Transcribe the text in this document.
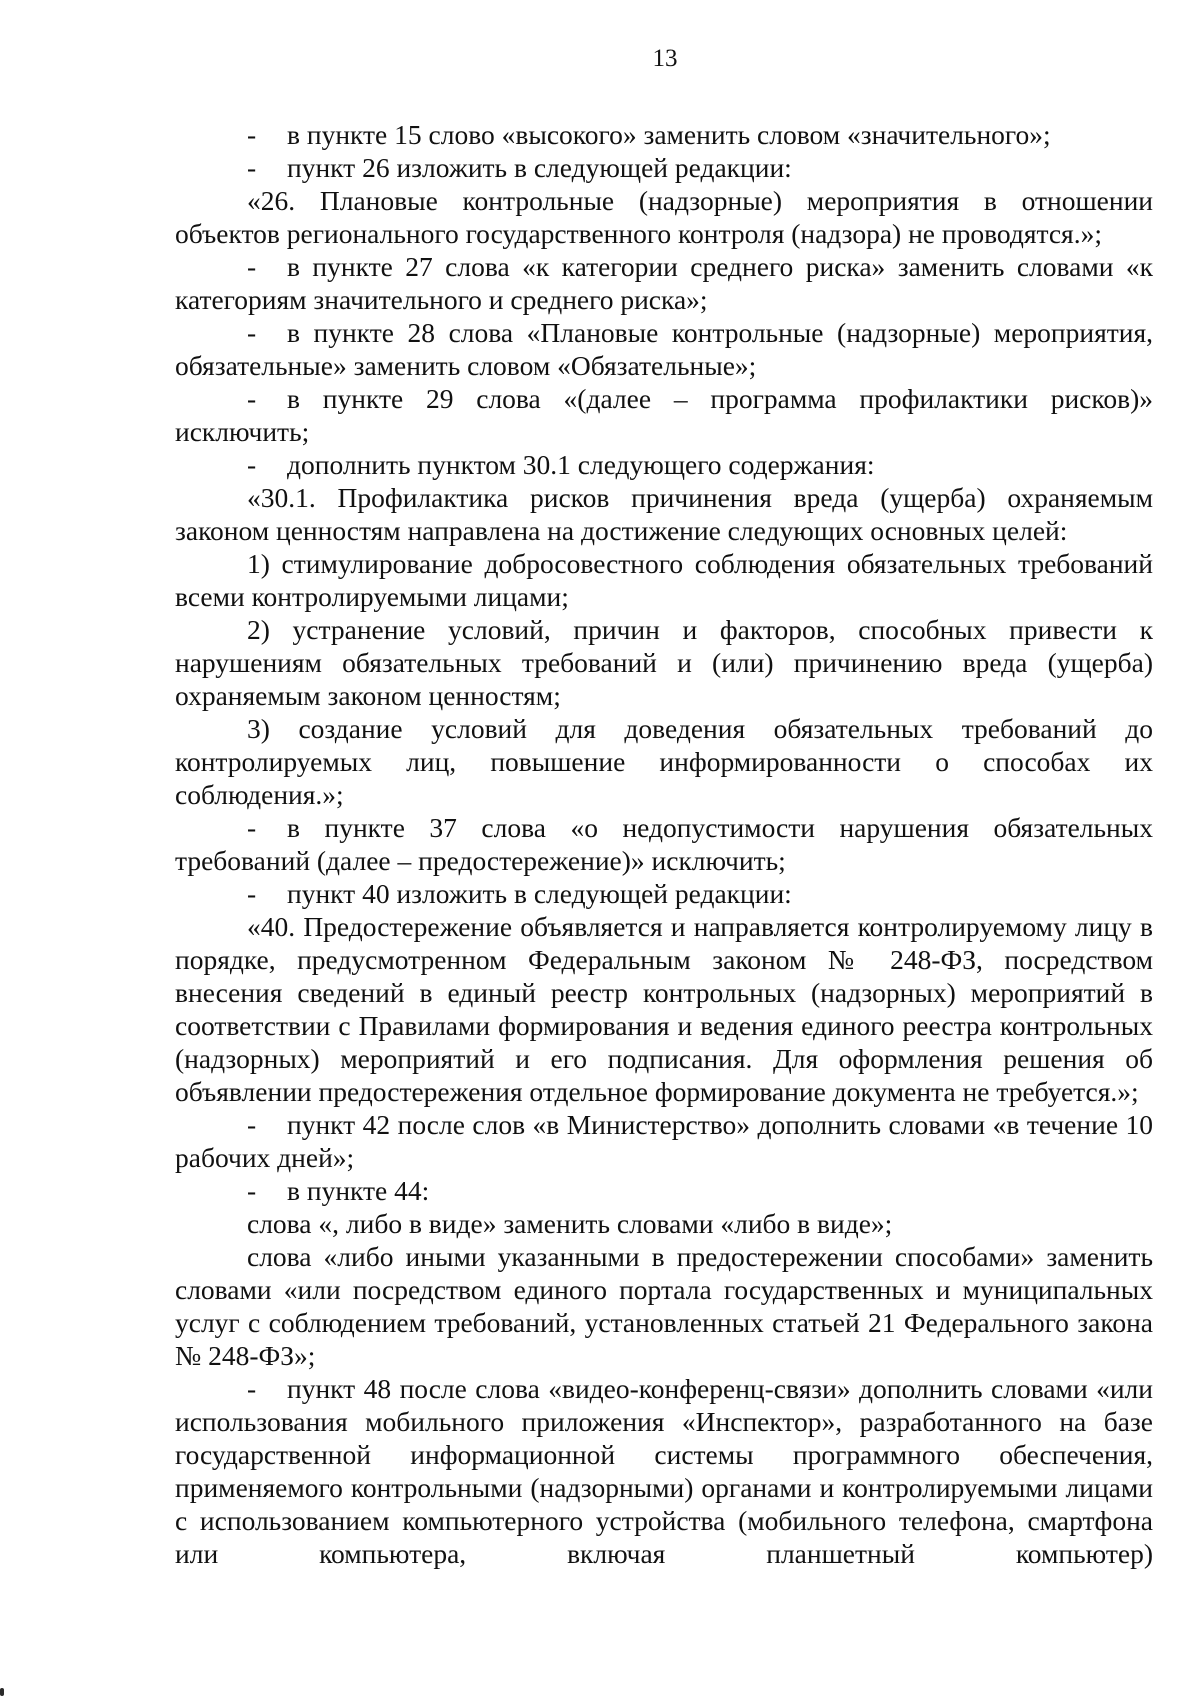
13

- в пункте 15 слово «высокого» заменить словом «значительного»;

- пункт 26 изложить в следующей редакции:

«26. Плановые контрольные (надзорные) мероприятия в отношении объектов регионального государственного контроля (надзора) не проводятся.»;

- в пункте 27 слова «к категории среднего риска» заменить словами «к категориям значительного и среднего риска»;

- в пункте 28 слова «Плановые контрольные (надзорные) мероприятия, обязательные» заменить словом «Обязательные»;

- в пункте 29 слова «(далее – программа профилактики рисков)» исключить;

- дополнить пунктом 30.1 следующего содержания:

«30.1. Профилактика рисков причинения вреда (ущерба) охраняемым законом ценностям направлена на достижение следующих основных целей:

1) стимулирование добросовестного соблюдения обязательных требований всеми контролируемыми лицами;

2) устранение условий, причин и факторов, способных привести к нарушениям обязательных требований и (или) причинению вреда (ущерба) охраняемым законом ценностям;

3) создание условий для доведения обязательных требований до контролируемых лиц, повышение информированности о способах их соблюдения.»;

- в пункте 37 слова «о недопустимости нарушения обязательных требований (далее – предостережение)» исключить;

- пункт 40 изложить в следующей редакции:

«40. Предостережение объявляется и направляется контролируемому лицу в порядке, предусмотренном Федеральным законом № 248-ФЗ, посредством внесения сведений в единый реестр контрольных (надзорных) мероприятий в соответствии с Правилами формирования и ведения единого реестра контрольных (надзорных) мероприятий и его подписания. Для оформления решения об объявлении предостережения отдельное формирование документа не требуется.»;

- пункт 42 после слов «в Министерство» дополнить словами «в течение 10 рабочих дней»;

- в пункте 44:

слова «, либо в виде» заменить словами «либо в виде»;

слова «либо иными указанными в предостережении способами» заменить словами «или посредством единого портала государственных и муниципальных услуг с соблюдением требований, установленных статьей 21 Федерального закона № 248-ФЗ»;

- пункт 48 после слова «видео-конференц-связи» дополнить словами «или использования мобильного приложения «Инспектор», разработанного на базе государственной информационной системы программного обеспечения, применяемого контрольными (надзорными) органами и контролируемыми лицами с использованием компьютерного устройства (мобильного телефона, смартфона или компьютера, включая планшетный компьютер)
